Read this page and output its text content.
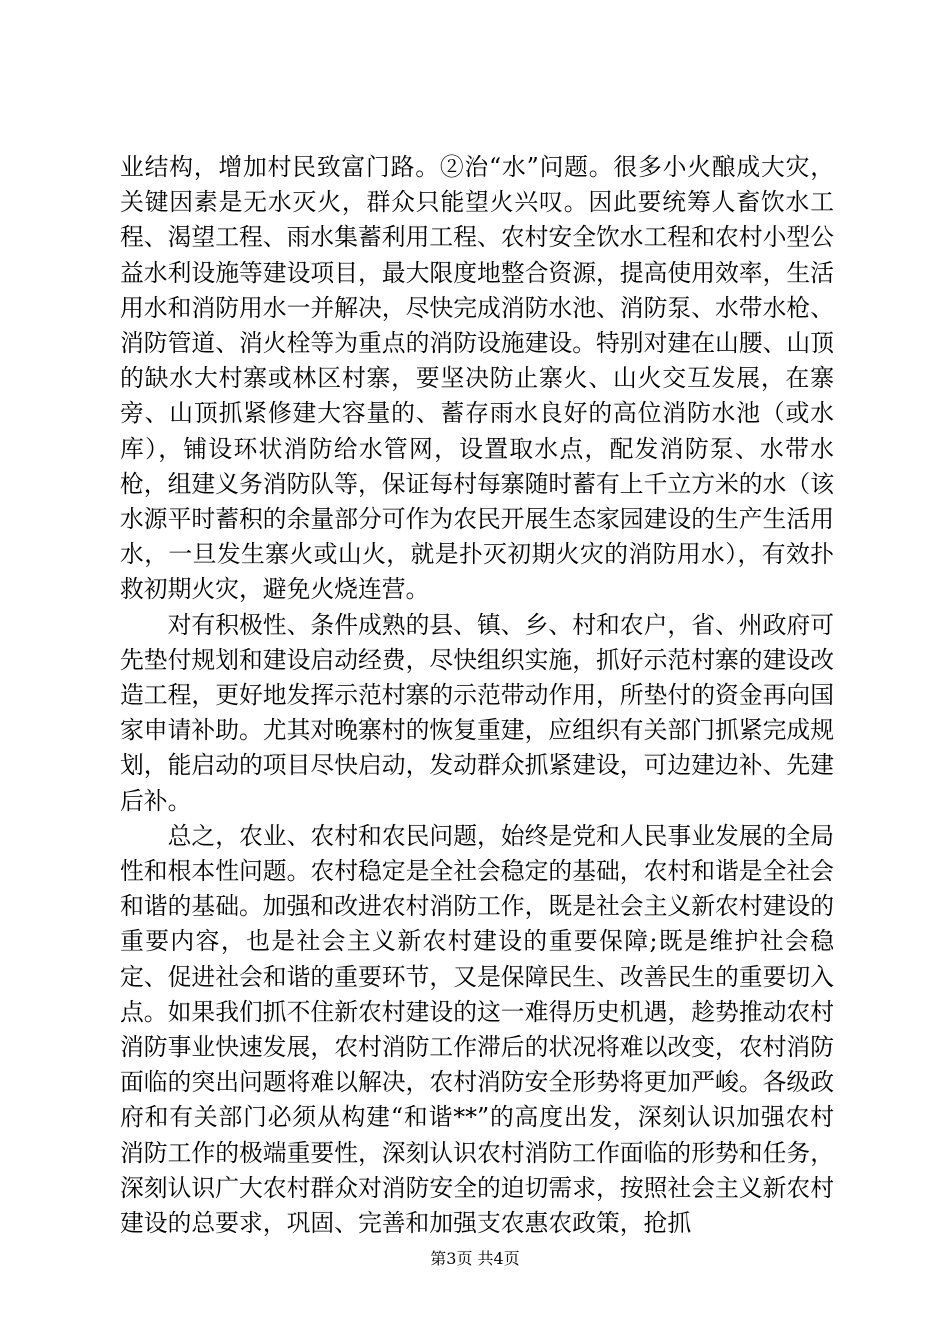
业结构，增加村民致富门路。②治“水”问题。很多小火酿成大灾，关键因素是无水灭火，群众只能望火兴叹。因此要统筹人畜饮水工程、渴望工程、雨水集蓄利用工程、农村安全饮水工程和农村小型公益水利设施等建设项目，最大限度地整合资源，提高使用效率，生活用水和消防用水一并解决，尽快完成消防水池、消防泵、水带水枪、消防管道、消火栓等为重点的消防设施建设。特别对建在山腰、山顶的缺水大村寨或林区村寨，要坚决防止寨火、山火交互发展，在寨旁、山顶抓紧修建大容量的、蓄存雨水良好的高位消防水池（或水库），铺设环状消防给水管网，设置取水点，配发消防泵、水带水枪，组建义务消防队等，保证每村每寨随时蓄有上千立方米的水（该水源平时蓄积的余量部分可作为农民开展生态家园建设的生产生活用水，一旦发生寨火或山火，就是扑灭初期火灾的消防用水），有效扑救初期火灾，避免火烧连营。

对有积极性、条件成熟的县、镇、乡、村和农户，省、州政府可先垫付规划和建设启动经费，尽快组织实施，抓好示范村寨的建设改造工程，更好地发挥示范村寨的示范带动作用，所垫付的资金再向国家申请补助。尤其对晚寨村的恢复重建，应组织有关部门抓紧完成规划，能启动的项目尽快启动，发动群众抓紧建设，可边建边补、先建后补。

总之，农业、农村和农民问题，始终是党和人民事业发展的全局性和根本性问题。农村稳定是全社会稳定的基础，农村和谐是全社会和谐的基础。加强和改进农村消防工作，既是社会主义新农村建设的重要内容，也是社会主义新农村建设的重要保障;既是维护社会稳定、促进社会和谐的重要环节，又是保障民生、改善民生的重要切入点。如果我们抓不住新农村建设的这一难得历史机遇，趁势推动农村消防事业快速发展，农村消防工作滞后的状况将难以改变，农村消防面临的突出问题将难以解决，农村消防安全形势将更加严峻。各级政府和有关部门必须从构建“和谐**”的高度出发，深刻认识加强农村消防工作的极端重要性，深刻认识农村消防工作面临的形势和任务，深刻认识广大农村群众对消防安全的迫切需求，按照社会主义新农村建设的总要求，巩固、完善和加强支农惠农政策，抢抓

第3页 共4页
